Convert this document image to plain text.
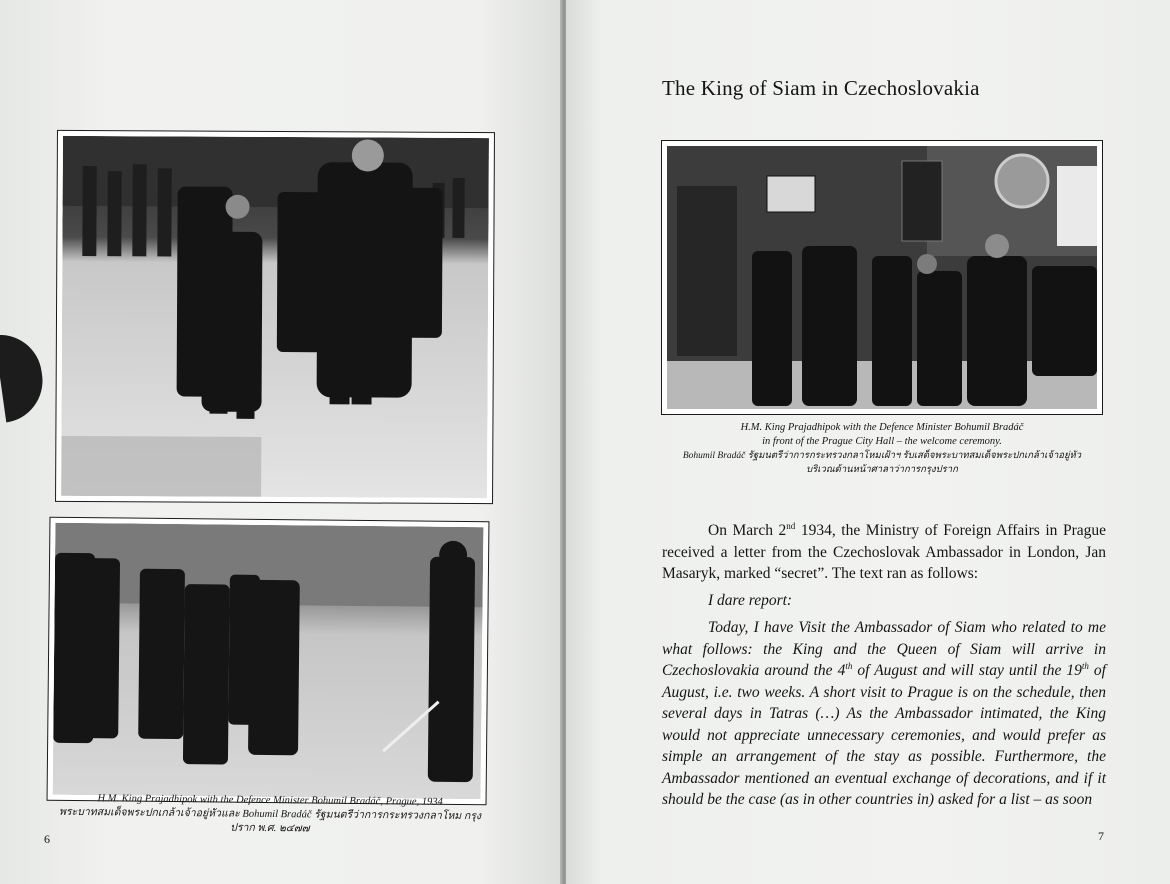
H.M. King Prajadhipok with the Defence Minister Bohumil Bradáč, Prague, 1934
พระบาทสมเด็จพระปกเกล้าเจ้าอยู่หัวและ Bohumil Bradáč รัฐมนตรีว่าการกระทรวงกลาโหม กรุงปราก พ.ศ. ๒๔๗๗
6
The King of Siam in Czechoslovakia
H.M. King Prajadhipok with the Defence Minister Bohumil Bradáč
in front of the Prague City Hall – the welcome ceremony.
Bohumil Bradáč รัฐมนตรีว่าการกระทรวงกลาโหมเฝ้าฯ รับเสด็จพระบาทสมเด็จพระปกเกล้าเจ้าอยู่หัว
บริเวณด้านหน้าศาลาว่าการกรุงปราก

On March 2nd 1934, the Ministry of Foreign Affairs in Prague received a letter from the Czechoslovak Ambassador in London, Jan Masaryk, marked “secret”. The text ran as follows:

I dare report:

Today, I have Visit the Ambassador of Siam who related to me what follows: the King and the Queen of Siam will arrive in Czechoslovakia around the 4th of August and will stay until the 19th of August, i.e. two weeks. A short visit to Prague is on the schedule, then several days in Tatras (…) As the Ambassador intimated, the King would not appreciate unnecessary ceremonies, and would prefer as simple an arrangement of the stay as possible. Furthermore, the Ambassador mentioned an eventual exchange of decorations, and if it should be the case (as in other countries in) asked for a list – as soon

7
